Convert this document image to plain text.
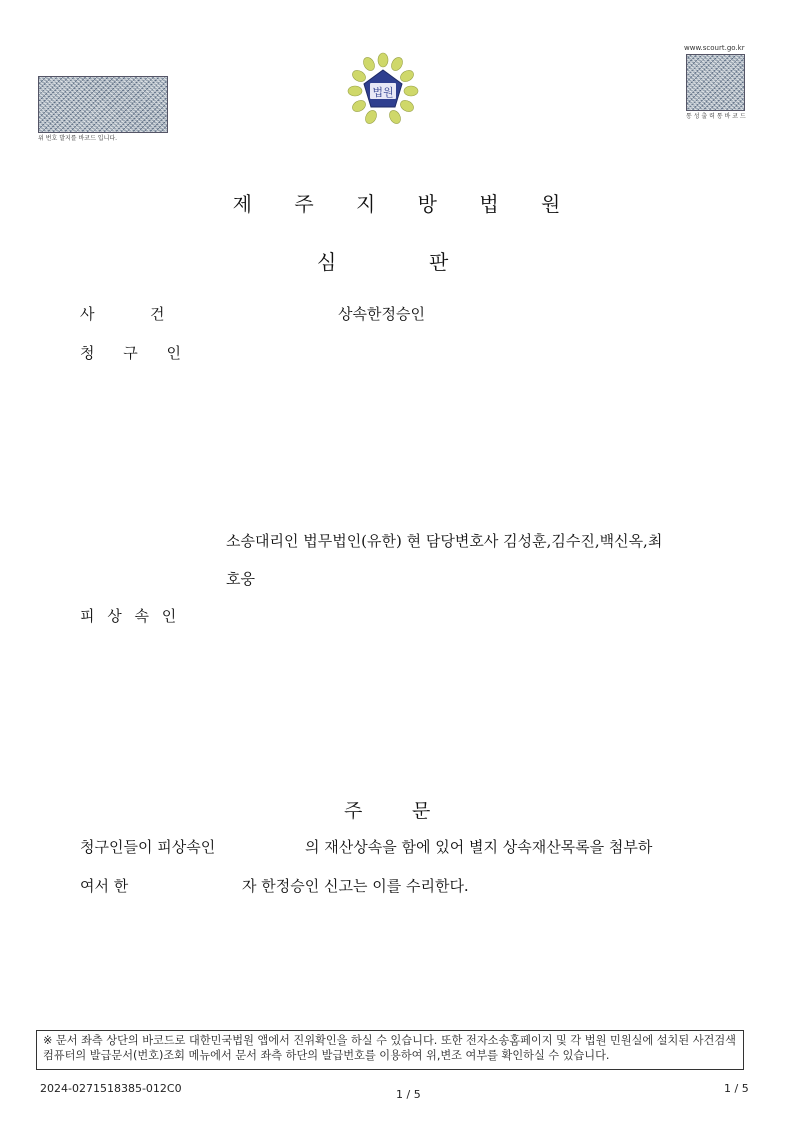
위 번호 발지를 바코드 입니다.
법원
www.scourt.go.kr
통 성 출 력 통 바 코 드
제 주 지 방 법 원
심	판
사	건	상속한정승인
청 구 인
소송대리인 법무법인(유한) 현 담당변호사 김성훈,김수진,백신옥,최
호웅
피 상 속 인
주	문
청구인들이 피상속인	의 재산상속을 함에 있어 별지 상속재산목록을 첨부하
여서 한	자 한정승인 신고는 이를 수리한다.
※ 문서 좌측 상단의 바코드로 대한민국법원 앱에서 진위확인을 하실 수 있습니다. 또한 전자소송홈페이지 및 각 법원 민원실에 설치된 사건검색 컴퓨터의 발급문서(번호)조회 메뉴에서 문서 좌측 하단의 발급번호를 이용하여 위,변조 여부를 확인하실 수 있습니다.
2024-0271518385-012C0	1 / 5	1 / 5
